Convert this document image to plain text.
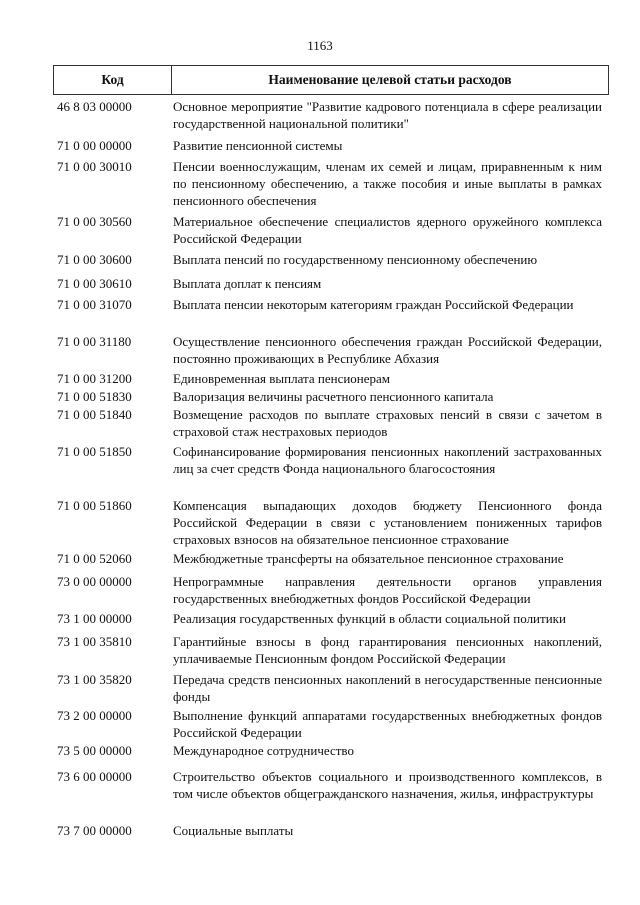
1163
Код	Наименование целевой статьи расходов
46 8 03 00000	Основное мероприятие "Развитие кадрового потенциала в сфере реализации государственной национальной политики"
71 0 00 00000	Развитие пенсионной системы
71 0 00 30010	Пенсии военнослужащим, членам их семей и лицам, приравненным к ним по пенсионному обеспечению, а также пособия и иные выплаты в рамках пенсионного обеспечения
71 0 00 30560	Материальное обеспечение специалистов ядерного оружейного комплекса Российской Федерации
71 0 00 30600	Выплата пенсий по государственному пенсионному обеспечению
71 0 00 30610	Выплата доплат к пенсиям
71 0 00 31070	Выплата пенсии некоторым категориям граждан Российской Федерации
71 0 00 31180	Осуществление пенсионного обеспечения граждан Российской Федерации, постоянно проживающих в Республике Абхазия
71 0 00 31200	Единовременная выплата пенсионерам
71 0 00 51830	Валоризация величины расчетного пенсионного капитала
71 0 00 51840	Возмещение расходов по выплате страховых пенсий в связи с зачетом в страховой стаж нестраховых периодов
71 0 00 51850	Софинансирование формирования пенсионных накоплений застрахованных лиц за счет средств Фонда национального благосостояния
71 0 00 51860	Компенсация выпадающих доходов бюджету Пенсионного фонда Российской Федерации в связи с установлением пониженных тарифов страховых взносов на обязательное пенсионное страхование
71 0 00 52060	Межбюджетные трансферты на обязательное пенсионное страхование
73 0 00 00000	Непрограммные направления деятельности органов управления государственных внебюджетных фондов Российской Федерации
73 1 00 00000	Реализация государственных функций в области социальной политики
73 1 00 35810	Гарантийные взносы в фонд гарантирования пенсионных накоплений, уплачиваемые Пенсионным фондом Российской Федерации
73 1 00 35820	Передача средств пенсионных накоплений в негосударственные пенсионные фонды
73 2 00 00000	Выполнение функций аппаратами государственных внебюджетных фондов Российской Федерации
73 5 00 00000	Международное сотрудничество
73 6 00 00000	Строительство объектов социального и производственного комплексов, в том числе объектов общегражданского назначения, жилья, инфраструктуры
73 7 00 00000	Социальные выплаты
